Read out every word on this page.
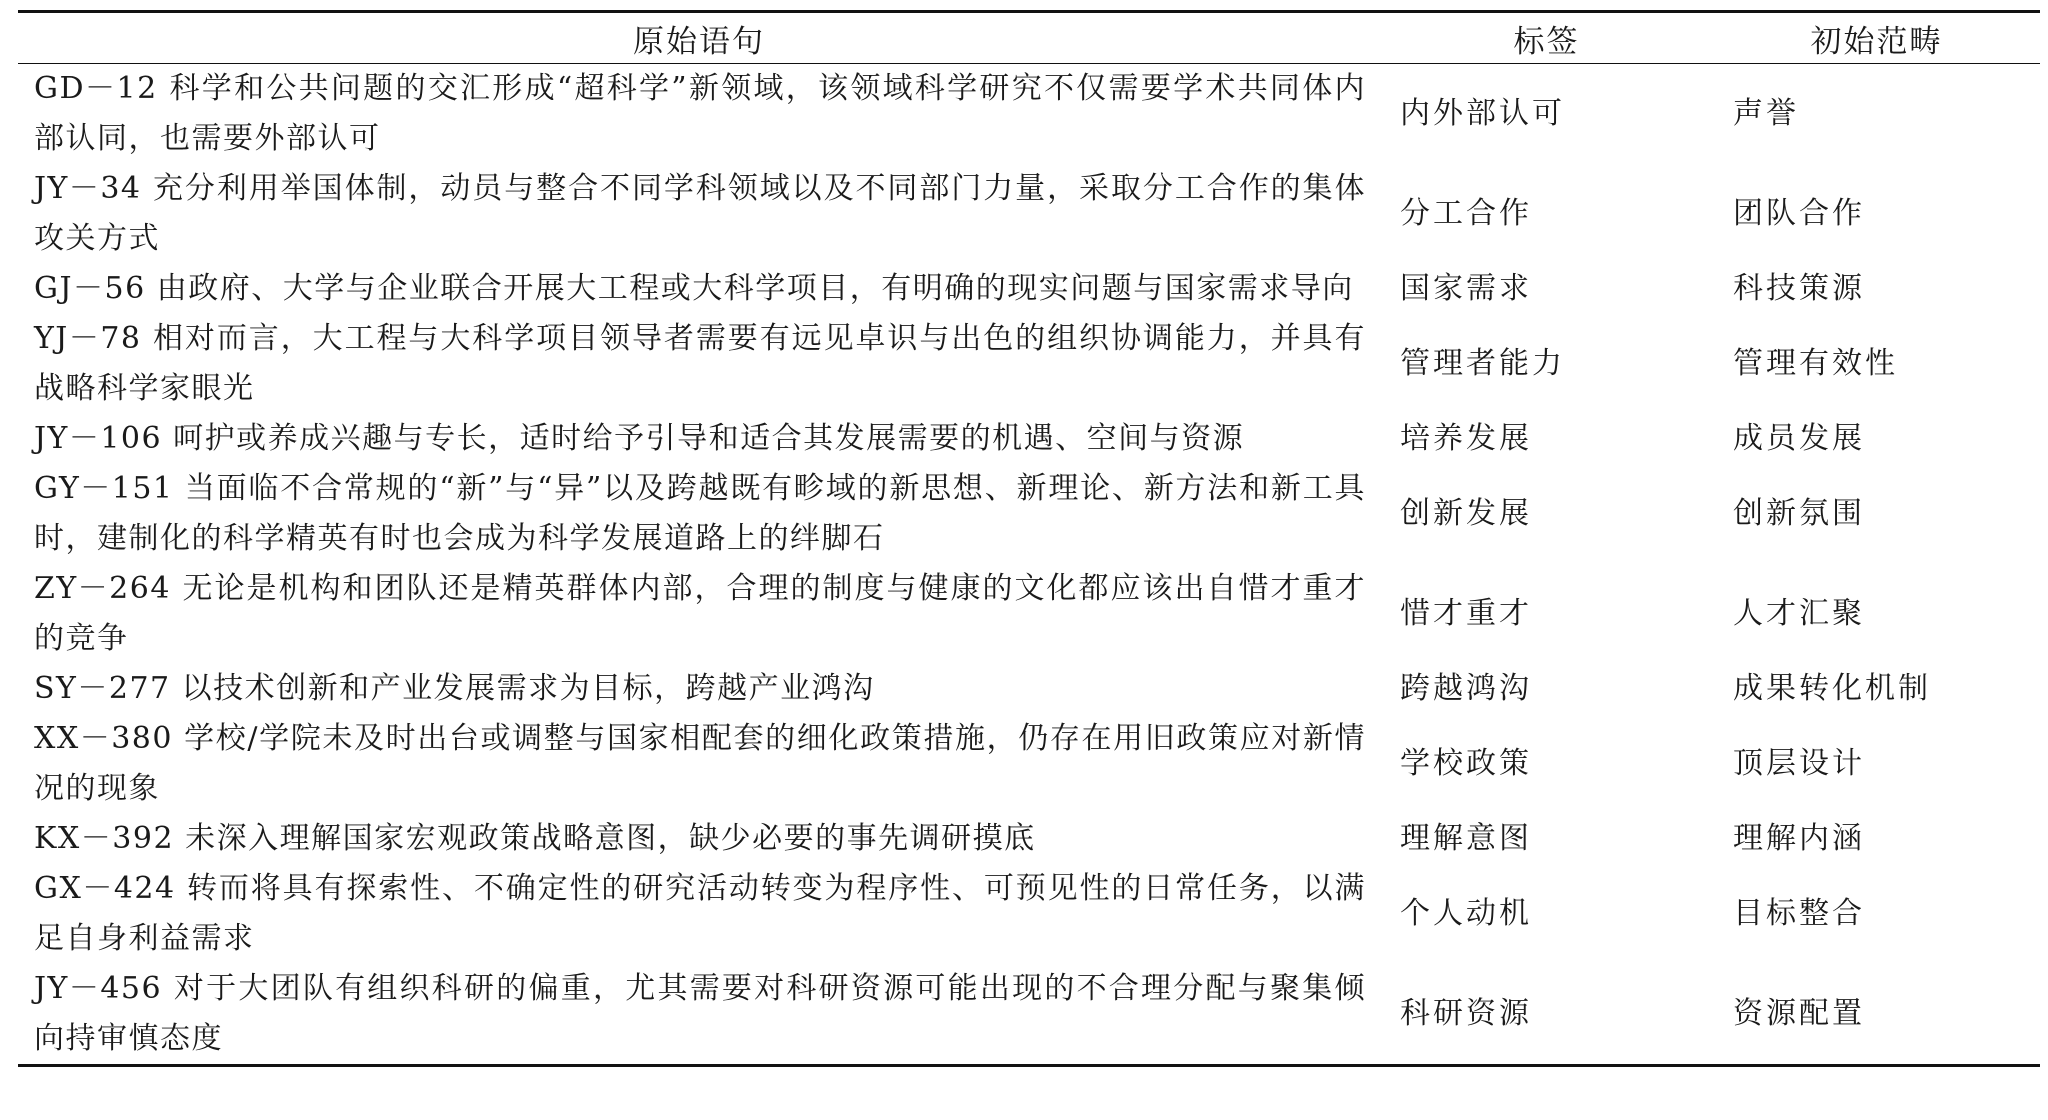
原始语句	标签	初始范畴
GD－12 科学和公共问题的交汇形成“超科学”新领域，该领域科学研究不仅需要学术共同体内部认同，也需要外部认可	内外部认可	声誉
JY－34 充分利用举国体制，动员与整合不同学科领域以及不同部门力量，采取分工合作的集体攻关方式	分工合作	团队合作
GJ－56 由政府、大学与企业联合开展大工程或大科学项目，有明确的现实问题与国家需求导向	国家需求	科技策源
YJ－78 相对而言，大工程与大科学项目领导者需要有远见卓识与出色的组织协调能力，并具有战略科学家眼光	管理者能力	管理有效性
JY－106 呵护或养成兴趣与专长，适时给予引导和适合其发展需要的机遇、空间与资源	培养发展	成员发展
GY－151 当面临不合常规的“新”与“异”以及跨越既有畛域的新思想、新理论、新方法和新工具时，建制化的科学精英有时也会成为科学发展道路上的绊脚石	创新发展	创新氛围
ZY－264 无论是机构和团队还是精英群体内部，合理的制度与健康的文化都应该出自惜才重才的竞争	惜才重才	人才汇聚
SY－277 以技术创新和产业发展需求为目标，跨越产业鸿沟	跨越鸿沟	成果转化机制
XX－380 学校/学院未及时出台或调整与国家相配套的细化政策措施，仍存在用旧政策应对新情况的现象	学校政策	顶层设计
KX－392 未深入理解国家宏观政策战略意图，缺少必要的事先调研摸底	理解意图	理解内涵
GX－424 转而将具有探索性、不确定性的研究活动转变为程序性、可预见性的日常任务，以满足自身利益需求	个人动机	目标整合
JY－456 对于大团队有组织科研的偏重，尤其需要对科研资源可能出现的不合理分配与聚集倾向持审慎态度	科研资源	资源配置
